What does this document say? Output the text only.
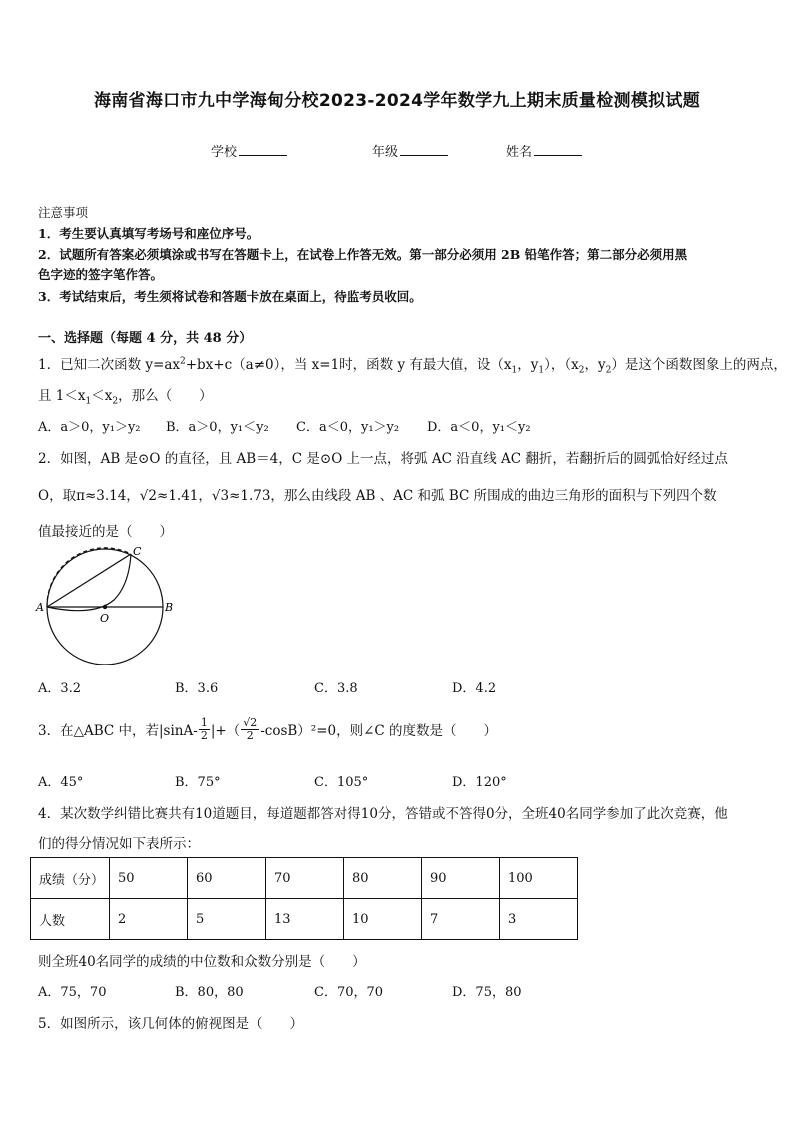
海南省海口市九中学海甸分校2023-2024学年数学九上期末质量检测模拟试题
学校	年级	姓名
注意事项
1．考生要认真填写考场号和座位序号。
2．试题所有答案必须填涂或书写在答题卡上，在试卷上作答无效。第一部分必须用 2B 铅笔作答；第二部分必须用黑
色字迹的签字笔作答。
3．考试结束后，考生须将试卷和答题卡放在桌面上，待监考员收回。
一、选择题（每题 4 分，共 48 分）
1．已知二次函数 $y=ax^2+bx+c(a\ne 0)$，当 x=1时，函数 y 有最大值，设（$x_1$，$y_1$），（$x_2$，$y_2$）是这个函数图象上的两点，
且 $1<x_1<x_2$，那么（　　）
A．a＞0，y₁＞y₂ B．a＞0，y₁＜y₂ C．a＜0，y₁＞y₂ D．a＜0，y₁＜y₂
2．如图，AB 是⊙O 的直径，且 AB＝4，C 是⊙O 上一点，将弧 AC 沿直线 AC 翻折，若翻折后的圆弧恰好经过点
O，取π≈3.14，√2≈1.41，√3≈1.73，那么由线段 AB 、AC 和弧 BC 所围成的曲边三角形的面积与下列四个数
值最接近的是（　　）
A	B
C
O
A．3.2	B．3.6	C．3.8	D．4.2
3．在△ABC 中，若$|\sin A- \frac{1}{2}$ |+（ $\frac{√2}{2} -\cos B)^2=0$，则∠C 的度数是（　　）
A．45°	B．75°	C．105°	D．120°
4．某次数学纠错比赛共有10道题目，每道题都答对得10分，答错或不答得0分，全班40名同学参加了此次竞赛，他
们的得分情况如下表所示：
成绩（分）	50	60	70	80	90	100
人数	2	5	13	10	7	3
则全班40名同学的成绩的中位数和众数分别是（　　）
A．75，70	B．80，80	C．70，70	D．75，80
5．如图所示，该几何体的俯视图是（　　）
